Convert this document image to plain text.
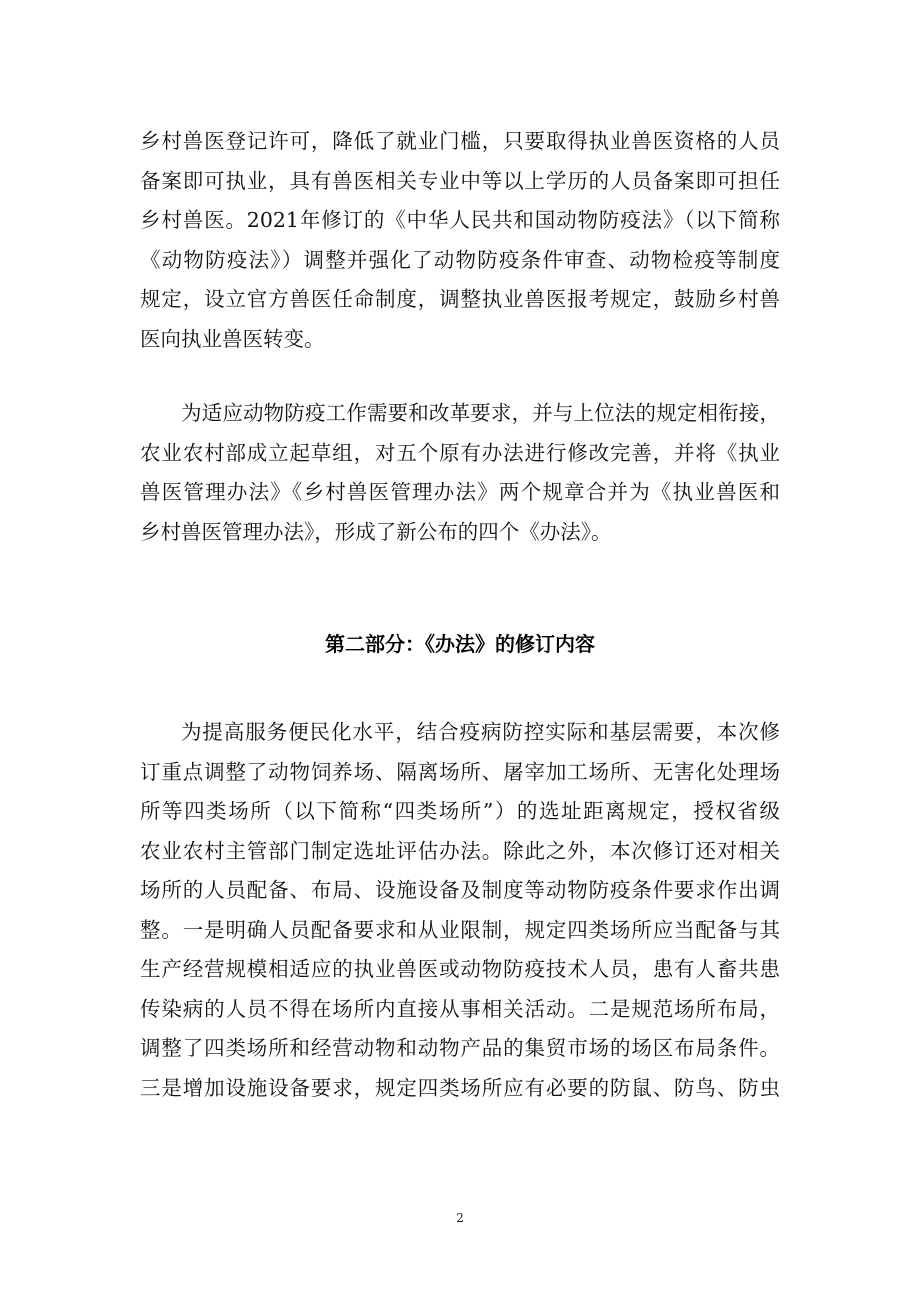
乡村兽医登记许可，降低了就业门槛，只要取得执业兽医资格的人员
备案即可执业，具有兽医相关专业中等以上学历的人员备案即可担任
乡村兽医。2021年修订的《中华人民共和国动物防疫法》（以下简称
《动物防疫法》）调整并强化了动物防疫条件审查、动物检疫等制度
规定，设立官方兽医任命制度，调整执业兽医报考规定，鼓励乡村兽
医向执业兽医转变。
为适应动物防疫工作需要和改革要求，并与上位法的规定相衔接，
农业农村部成立起草组，对五个原有办法进行修改完善，并将《执业
兽医管理办法》《乡村兽医管理办法》两个规章合并为《执业兽医和
乡村兽医管理办法》，形成了新公布的四个《办法》。
第二部分：《办法》的修订内容
为提高服务便民化水平，结合疫病防控实际和基层需要，本次修
订重点调整了动物饲养场、隔离场所、屠宰加工场所、无害化处理场
所等四类场所（以下简称“四类场所”）的选址距离规定，授权省级
农业农村主管部门制定选址评估办法。除此之外，本次修订还对相关
场所的人员配备、布局、设施设备及制度等动物防疫条件要求作出调
整。一是明确人员配备要求和从业限制，规定四类场所应当配备与其
生产经营规模相适应的执业兽医或动物防疫技术人员，患有人畜共患
传染病的人员不得在场所内直接从事相关活动。二是规范场所布局，
调整了四类场所和经营动物和动物产品的集贸市场的场区布局条件。
三是增加设施设备要求，规定四类场所应有必要的防鼠、防鸟、防虫
2
